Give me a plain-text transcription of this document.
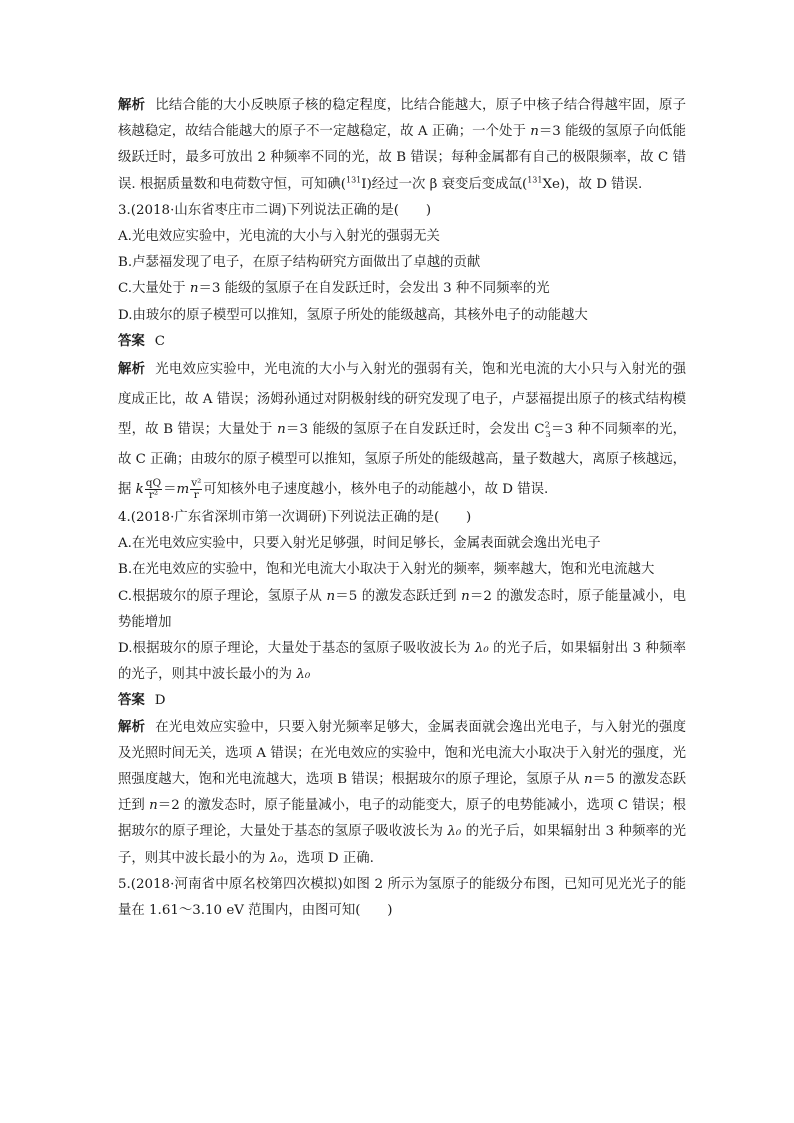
解析 比结合能的大小反映原子核的稳定程度，比结合能越大，原子中核子结合得越牢固，原子核越稳定，故结合能越大的原子不一定越稳定，故 A 正确；一个处于 n＝3 能级的氢原子向低能级跃迁时，最多可放出 2 种频率不同的光，故 B 错误；每种金属都有自己的极限频率，故 C 错误. 根据质量数和电荷数守恒，可知碘($^{131}$I)经过一次 β 衰变后变成氙($^{131}$Xe)，故 D 错误.

3.(2018·山东省枣庄市二调)下列说法正确的是(　　)

A.光电效应实验中，光电流的大小与入射光的强弱无关

B.卢瑟福发现了电子，在原子结构研究方面做出了卓越的贡献

C.大量处于 n＝3 能级的氢原子在自发跃迁时，会发出 3 种不同频率的光

D.由玻尔的原子模型可以推知，氢原子所处的能级越高，其核外电子的动能越大

答案 C

解析 光电效应实验中，光电流的大小与入射光的强弱有关，饱和光电流的大小只与入射光的强度成正比，故 A 错误；汤姆孙通过对阴极射线的研究发现了电子，卢瑟福提出原子的核式结构模型，故 B 错误；大量处于 n＝3 能级的氢原子在自发跃迁时，会发出 $C^2_3=3$ 种不同频率的光，故 C 正确；由玻尔的原子模型可以推知，氢原子所处的能级越高，量子数越大，离原子核越远，据 k $\frac{qQ}{\text{r²}} =m \frac{\text{v²}}{r}$ 可知核外电子速度越小，核外电子的动能越小，故 D 错误.

4.(2018·广东省深圳市第一次调研)下列说法正确的是(　　)

A.在光电效应实验中，只要入射光足够强，时间足够长，金属表面就会逸出光电子

B.在光电效应的实验中，饱和光电流大小取决于入射光的频率，频率越大，饱和光电流越大

C.根据玻尔的原子理论，氢原子从 n＝5 的激发态跃迁到 n＝2 的激发态时，原子能量减小，电势能增加

D.根据玻尔的原子理论，大量处于基态的氢原子吸收波长为 λ₀ 的光子后，如果辐射出 3 种频率的光子，则其中波长最小的为 λ₀

答案 D

解析 在光电效应实验中，只要入射光频率足够大，金属表面就会逸出光电子，与入射光的强度及光照时间无关，选项 A 错误；在光电效应的实验中，饱和光电流大小取决于入射光的强度，光照强度越大，饱和光电流越大，选项 B 错误；根据玻尔的原子理论，氢原子从 n＝5 的激发态跃迁到 n＝2 的激发态时，原子能量减小，电子的动能变大，原子的电势能减小，选项 C 错误；根据玻尔的原子理论，大量处于基态的氢原子吸收波长为 λ₀ 的光子后，如果辐射出 3 种频率的光子，则其中波长最小的为 λ₀，选项 D 正确.

5.(2018·河南省中原名校第四次模拟)如图 2 所示为氢原子的能级分布图，已知可见光光子的能量在 1.61～3.10 eV 范围内，由图可知(　　)
